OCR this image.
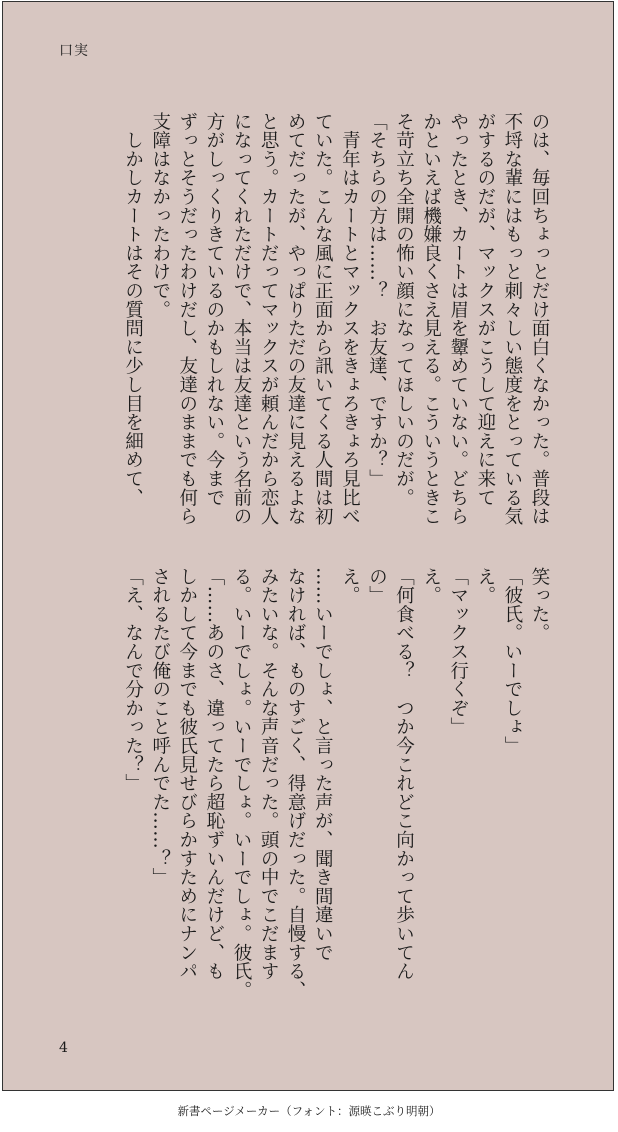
口実
のは、毎回ちょっとだけ面白くなかった。普段は
不埒な輩にはもっと刺々しい態度をとっている気
がするのだが、マックスがこうして迎えに来て
やったとき、カートは眉を顰めていない。どちら
かといえば機嫌良くさえ見える。こういうときこ
そ苛立ち全開の怖い顔になってほしいのだが。
「そちらの方は……？　お友達、ですか？」
　青年はカートとマックスをきょろきょろ見比べ
ていた。こんな風に正面から訊いてくる人間は初
めてだったが、やっぱりただの友達に見えるよな
と思う。カートだってマックスが頼んだから恋人
になってくれただけで、本当は友達という名前の
方がしっくりきているのかもしれない。今まで
ずっとそうだったわけだし、友達のままでも何ら
支障はなかったわけで。
　しかしカートはその質問に少し目を細めて、
笑った。
「彼氏。いーでしょ」
え。
「マックス行くぞ」
え。
「何食べる？　つか今これどこ向かって歩いてん
の」
え。
……いーでしょ、と言った声が、聞き間違いで
なければ、ものすごく、得意げだった。自慢する、
みたいな。そんな声音だった。頭の中でこだます
る。いーでしょ。いーでしょ。いーでしょ。彼氏。
「……あのさ、違ってたら超恥ずいんだけど、も
しかして今までも彼氏見せびらかすためにナンパ
されるたび俺のこと呼んでた……？」
「え、なんで分かった？」
4
新書ページメーカー（フォント：源暎こぶり明朝）
